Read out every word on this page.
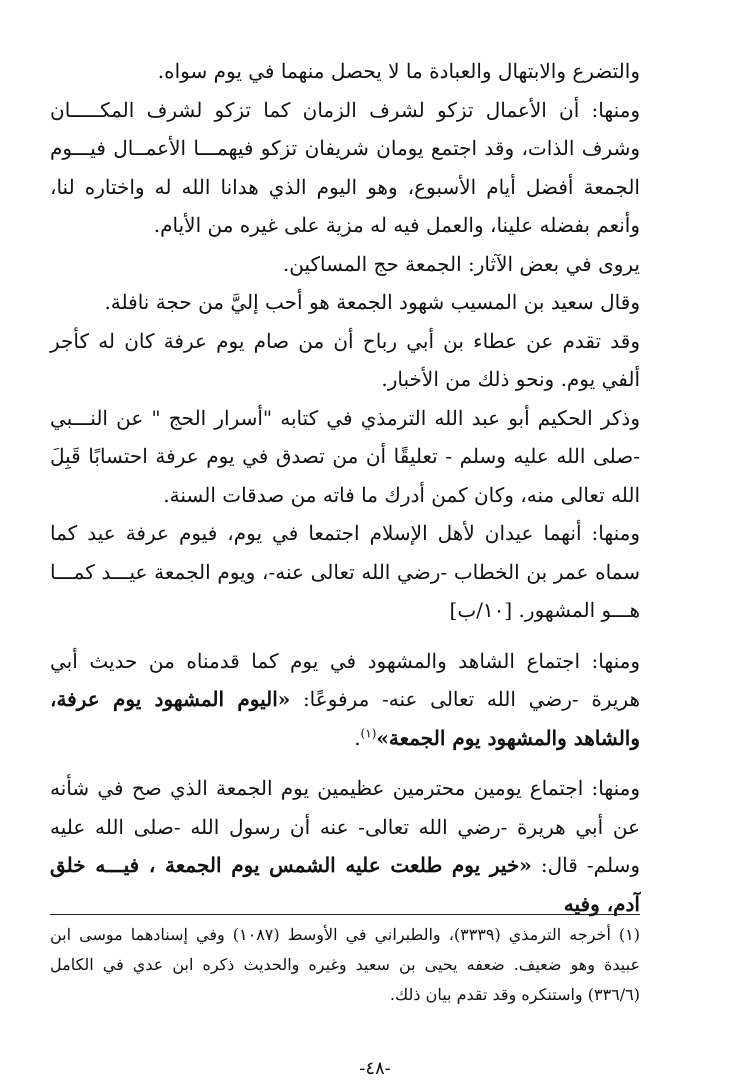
والتضرع والابتهال والعبادة ما لا يحصل منهما في يوم سواه.

ومنها: أن الأعمال تزكو لشرف الزمان كما تزكو لشرف المكـــــان وشرف الذات، وقد اجتمع يومان شريفان تزكو فيهمـــا الأعمــال فيـــوم الجمعة أفضل أيام الأسبوع، وهو اليوم الذي هدانا الله له واختاره لنا، وأنعم بفضله علينا، والعمل فيه له مزية على غيره من الأيام.

يروى في بعض الآثار: الجمعة حج المساكين.

وقال سعيد بن المسيب شهود الجمعة هو أحب إليَّ من حجة نافلة.

وقد تقدم عن عطاء بن أبي رباح أن من صام يوم عرفة كان له كأجر ألفي يوم. ونحو ذلك من الأخبار.

وذكر الحكيم أبو عبد الله الترمذي في كتابه "أسرار الحج " عن النـــبي -صلى الله عليه وسلم - تعليقًا أن من تصدق في يوم عرفة احتسابًا قَبِلَ الله تعالى منه، وكان كمن أدرك ما فاته من صدقات السنة.

ومنها: أنهما عيدان لأهل الإسلام اجتمعا في يوم، فيوم عرفة عيد كما سماه عمر بن الخطاب -رضي الله تعالى عنه-، ويوم الجمعة عيـــد كمـــا هـــو المشهور. [١٠/ب]

ومنها: اجتماع الشاهد والمشهود في يوم كما قدمناه من حديث أبي هريرة -رضي الله تعالى عنه- مرفوعًا: «اليوم المشهود يوم عرفة، والشاهد والمشهود يوم الجمعة»$^{(١)}$.

ومنها: اجتماع يومين محترمين عظيمين يوم الجمعة الذي صح في شأنه عن أبي هريرة -رضي الله تعالى- عنه أن رسول الله -صلى الله عليه وسلم- قال: «خير يوم طلعت عليه الشمس يوم الجمعة ، فيـــه خلق آدم، وفيه

(١) أخرجه الترمذي (٣٣٣٩)، والطبراني في الأوسط (١٠٨٧) وفي إسنادهما موسى ابن عبيدة وهو ضعيف. ضعفه يحيى بن سعيد وغيره والحديث ذكره ابن عدي في الكامل (٣٣٦/٦) واستنكره وقد تقدم بيان ذلك.

-٤٨-
